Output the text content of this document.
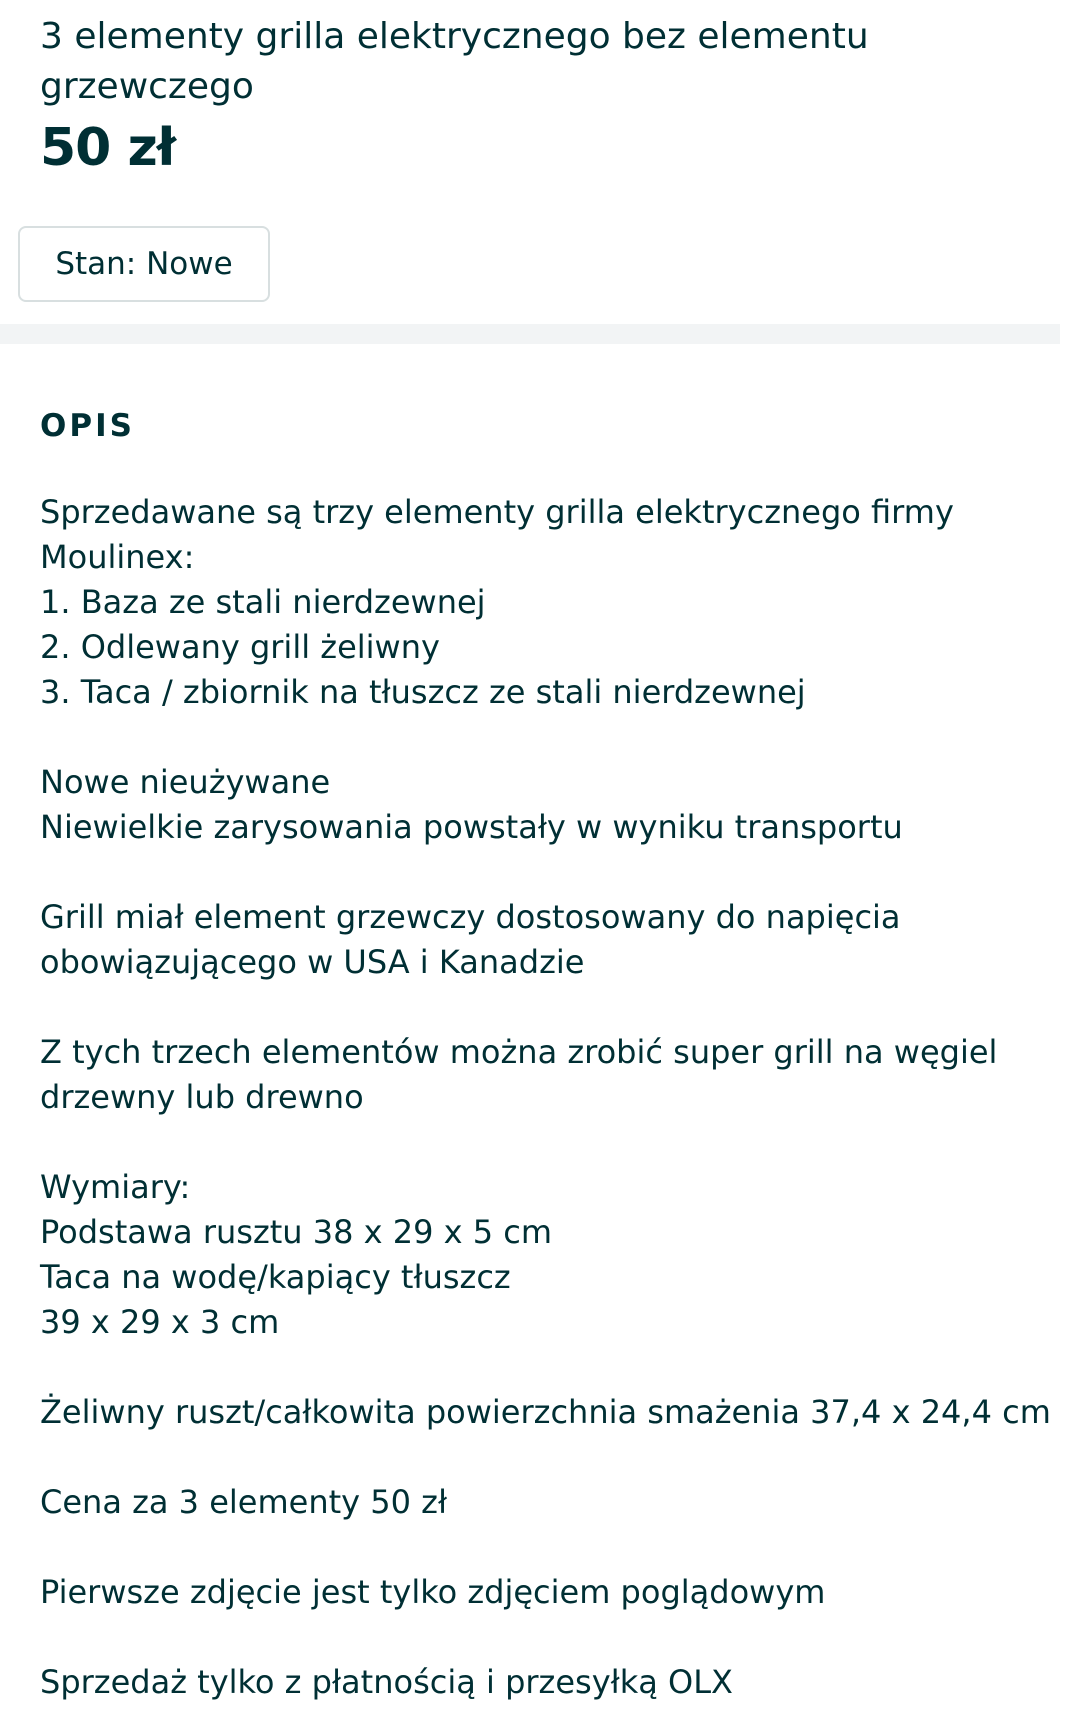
3 elementy grilla elektrycznego bez elementu grzewczego
50 zł
Stan: Nowe
OPIS
Sprzedawane są trzy elementy grilla elektrycznego firmy
Moulinex:
1. Baza ze stali nierdzewnej
2. Odlewany grill żeliwny
3. Taca / zbiornik na tłuszcz ze stali nierdzewnej
Nowe nieużywane
Niewielkie zarysowania powstały w wyniku transportu
Grill miał element grzewczy dostosowany do napięcia
obowiązującego w USA i Kanadzie
Z tych trzech elementów można zrobić super grill na węgiel
drzewny lub drewno
Wymiary:
Podstawa rusztu 38 x 29 x 5 cm
Taca na wodę/kapiący tłuszcz
39 x 29 x 3 cm
Żeliwny ruszt/całkowita powierzchnia smażenia 37,4 x 24,4 cm
Cena za 3 elementy 50 zł
Pierwsze zdjęcie jest tylko zdjęciem poglądowym
Sprzedaż tylko z płatnością i przesyłką OLX
